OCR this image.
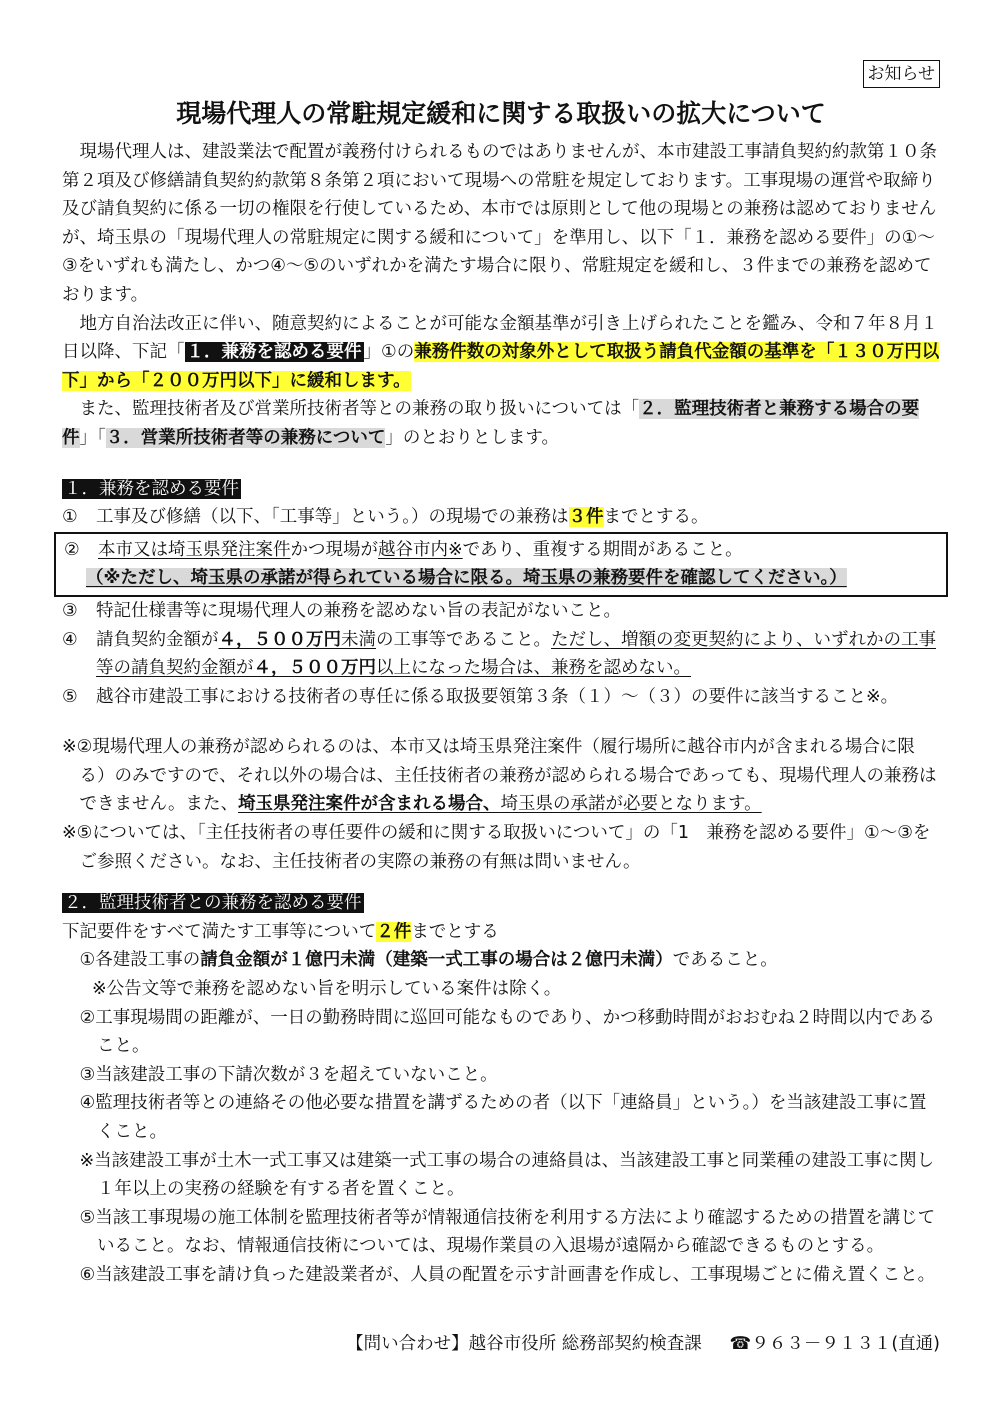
お知らせ
現場代理人の常駐規定緩和に関する取扱いの拡大について

現場代理人は、建設業法で配置が義務付けられるものではありませんが、本市建設工事請負契約約款第１０条第２項及び修繕請負契約約款第８条第２項において現場への常駐を規定しております。工事現場の運営や取締り及び請負契約に係る一切の権限を行使しているため、本市では原則として他の現場との兼務は認めておりませんが、埼玉県の「現場代理人の常駐規定に関する緩和について」を準用し、以下「１．兼務を認める要件」の①～③をいずれも満たし、かつ④～⑤のいずれかを満たす場合に限り、常駐規定を緩和し、３件までの兼務を認めております。

地方自治法改正に伴い、随意契約によることが可能な金額基準が引き上げられたことを鑑み、令和７年８月１日以降、下記「 １．兼務を認める要件 」①の兼務件数の対象外として取扱う請負代金額の基準を「１３０万円以下」から「２００万円以下」に緩和します。

また、監理技術者及び営業所技術者等との兼務の取り扱いについては「２．監理技術者と兼務する場合の要件」「３．営業所技術者等の兼務について」のとおりとします。

１．兼務を認める要件

①	工事及び修繕（以下、「工事等」という。）の現場での兼務は３件までとする。
②	本市又は埼玉県発注案件かつ現場が越谷市内※であり、重複する期間があること。
（※ただし、埼玉県の承諾が得られている場合に限る。埼玉県の兼務要件を確認してください。）
③	特記仕様書等に現場代理人の兼務を認めない旨の表記がないこと。
④	請負契約金額が４，５００万円未満の工事等であること。ただし、増額の変更契約により、いずれかの工事等の請負契約金額が４，５００万円以上になった場合は、兼務を認めない。
⑤	越谷市建設工事における技術者の専任に係る取扱要領第３条（１）～（３）の要件に該当すること※。

※②現場代理人の兼務が認められるのは、本市又は埼玉県発注案件（履行場所に越谷市内が含まれる場合に限る）のみですので、それ以外の場合は、主任技術者の兼務が認められる場合であっても、現場代理人の兼務はできません。また、埼玉県発注案件が含まれる場合、埼玉県の承諾が必要となります。

※⑤については、「主任技術者の専任要件の緩和に関する取扱いについて」の「1　兼務を認める要件」①～③をご参照ください。なお、主任技術者の実際の兼務の有無は問いません。

２．監理技術者との兼務を認める要件

下記要件をすべて満たす工事等について２件までとする

①各建設工事の請負金額が１億円未満（建築一式工事の場合は２億円未満）であること。

※公告文等で兼務を認めない旨を明示している案件は除く。

②工事現場間の距離が、一日の勤務時間に巡回可能なものであり、かつ移動時間がおおむね２時間以内であること。

③当該建設工事の下請次数が３を超えていないこと。

④監理技術者等との連絡その他必要な措置を講ずるための者（以下「連絡員」という。）を当該建設工事に置くこと。

※当該建設工事が土木一式工事又は建築一式工事の場合の連絡員は、当該建設工事と同業種の建設工事に関し１年以上の実務の経験を有する者を置くこと。

⑤当該工事現場の施工体制を監理技術者等が情報通信技術を利用する方法により確認するための措置を講じていること。なお、情報通信技術については、現場作業員の入退場が遠隔から確認できるものとする。

⑥当該建設工事を請け負った建設業者が、人員の配置を示す計画書を作成し、工事現場ごとに備え置くこと。

【問い合わせ】越谷市役所 総務部契約検査課 ☎９６３－９１３１(直通)
